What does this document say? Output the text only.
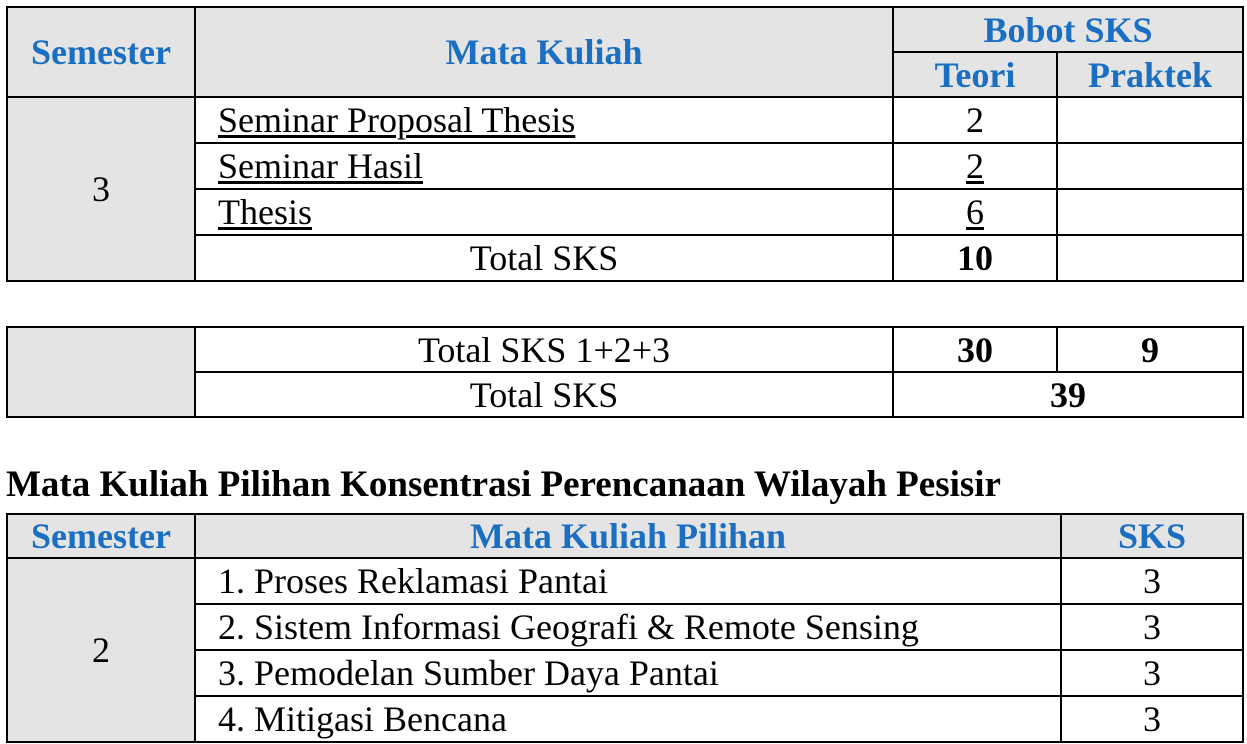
Semester	Mata Kuliah	Bobot SKS	
		Teori	Praktek
3	Seminar Proposal Thesis	2	
	Seminar Hasil	2	
	Thesis	6	
	Total SKS	10	
	Total SKS 1+2+3	30	9
	Total SKS	39	
Mata Kuliah Pilihan Konsentrasi Perencanaan Wilayah Pesisir
Semester	Mata Kuliah Pilihan	SKS
2	1. Proses Reklamasi Pantai	3
	2. Sistem Informasi Geografi & Remote Sensing	3
	3. Pemodelan Sumber Daya Pantai	3
	4. Mitigasi Bencana	3
